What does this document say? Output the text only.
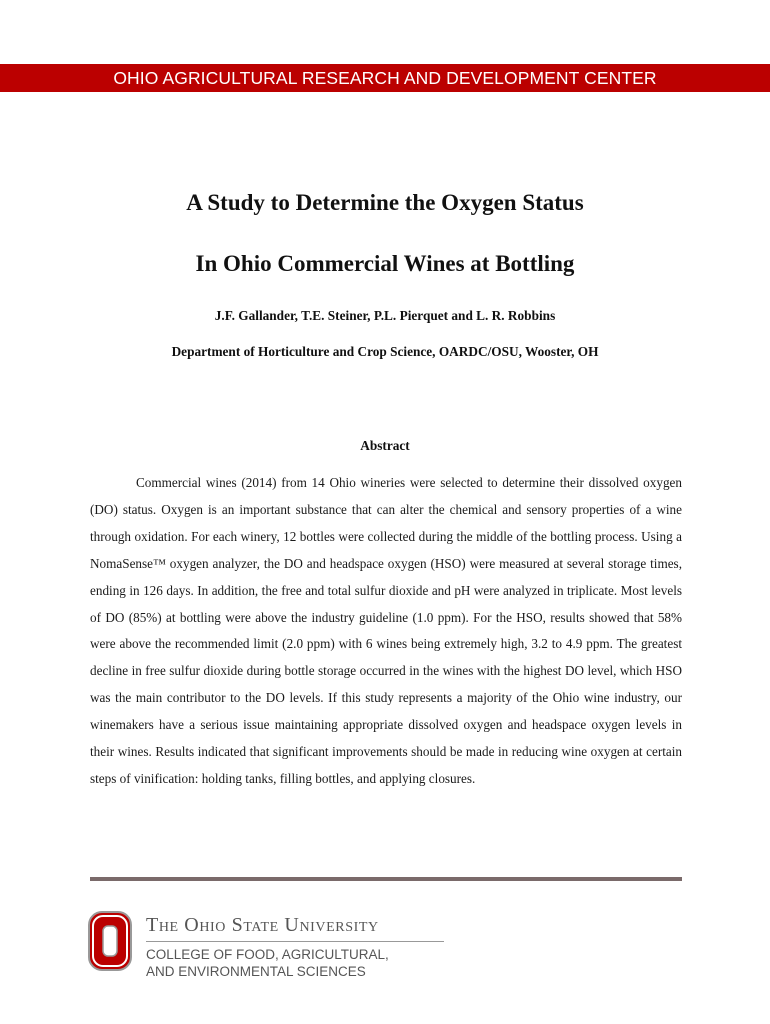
OHIO AGRICULTURAL RESEARCH AND DEVELOPMENT CENTER
A Study to Determine the Oxygen Status
In Ohio Commercial Wines at Bottling
J.F. Gallander, T.E. Steiner, P.L. Pierquet and L. R. Robbins
Department of Horticulture and Crop Science, OARDC/OSU, Wooster, OH
Abstract

Commercial wines (2014) from 14 Ohio wineries were selected to determine their dissolved oxygen (DO) status. Oxygen is an important substance that can alter the chemical and sensory properties of a wine through oxidation. For each winery, 12 bottles were collected during the middle of the bottling process. Using a NomaSense™ oxygen analyzer, the DO and headspace oxygen (HSO) were measured at several storage times, ending in 126 days. In addition, the free and total sulfur dioxide and pH were analyzed in triplicate. Most levels of DO (85%) at bottling were above the industry guideline (1.0 ppm). For the HSO, results showed that 58% were above the recommended limit (2.0 ppm) with 6 wines being extremely high, 3.2 to 4.9 ppm. The greatest decline in free sulfur dioxide during bottle storage occurred in the wines with the highest DO level, which HSO was the main contributor to the DO levels. If this study represents a majority of the Ohio wine industry, our winemakers have a serious issue maintaining appropriate dissolved oxygen and headspace oxygen levels in their wines. Results indicated that significant improvements should be made in reducing wine oxygen at certain steps of vinification: holding tanks, filling bottles, and applying closures.

The Ohio State University
COLLEGE OF FOOD, AGRICULTURAL,
AND ENVIRONMENTAL SCIENCES
